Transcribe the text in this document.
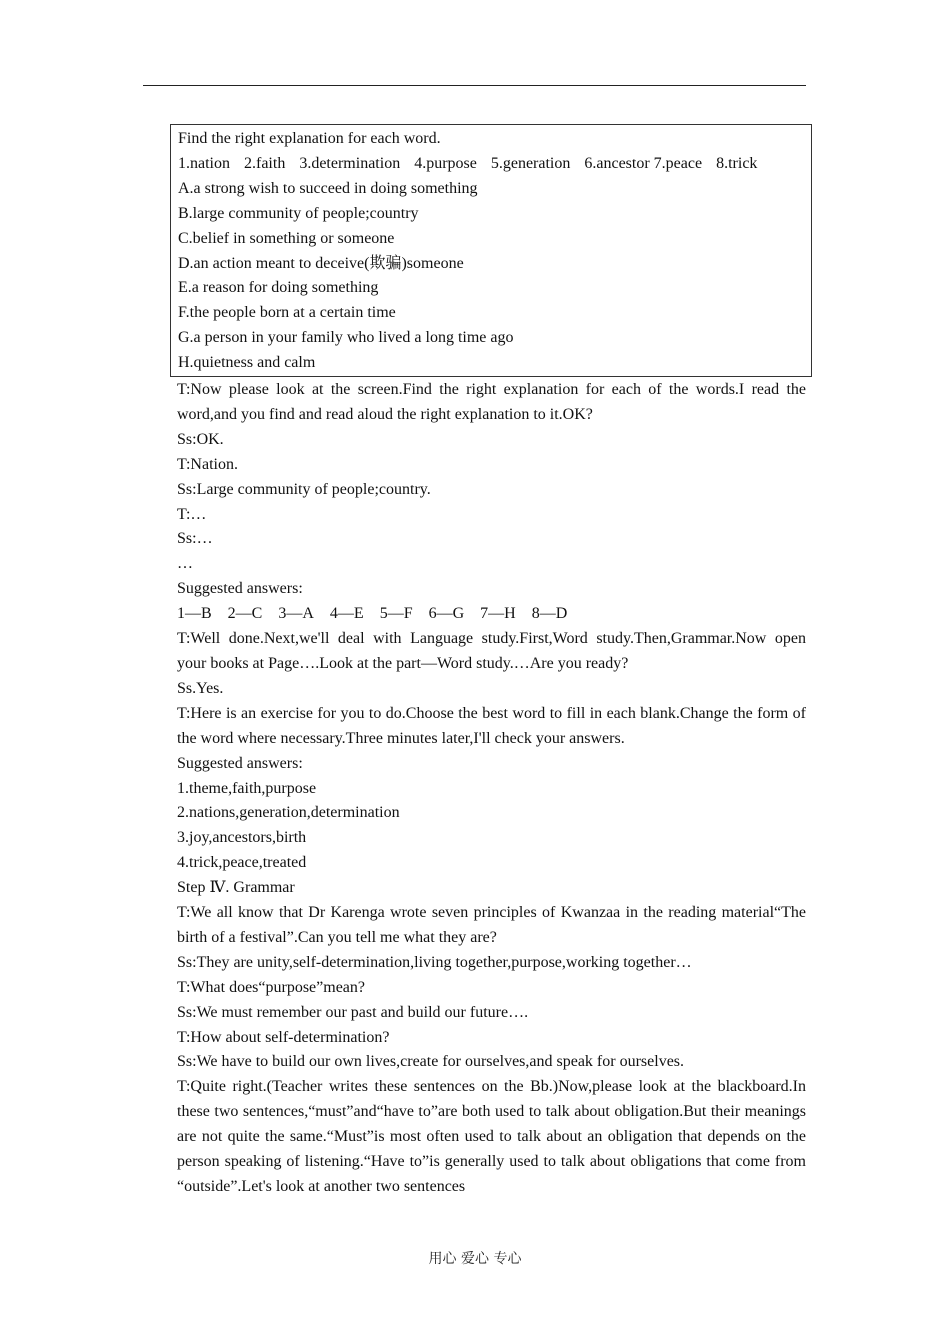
Find the right explanation for each word.
1.nation 2.faith 3.determination 4.purpose 5.generation 6.ancestor 7.peace 8.trick
A.a strong wish to succeed in doing something
B.large community of people;country
C.belief in something or someone
D.an action meant to deceive(欺骗)someone
E.a reason for doing something
F.the people born at a certain time
G.a person in your family who lived a long time ago
H.quietness and calm
T:Now please look at the screen.Find the right explanation for each of the words.I read the word,and you find and read aloud the right explanation to it.OK?
Ss:OK.
T:Nation.
Ss:Large community of people;country.
T:…
Ss:…
…
Suggested answers:
1—B 2—C 3—A 4—E 5—F 6—G 7—H 8—D
T:Well done.Next,we'll deal with Language study.First,Word study.Then,Grammar.Now open your books at Page….Look at the part—Word study.…Are you ready?
Ss.Yes.
T:Here is an exercise for you to do.Choose the best word to fill in each blank.Change the form of the word where necessary.Three minutes later,I'll check your answers.
Suggested answers:
1.theme,faith,purpose
2.nations,generation,determination
3.joy,ancestors,birth
4.trick,peace,treated
Step Ⅳ. Grammar
T:We all know that Dr Karenga wrote seven principles of Kwanzaa in the reading material“The birth of a festival”.Can you tell me what they are?
Ss:They are unity,self-determination,living together,purpose,working together…
T:What does“purpose”mean?
Ss:We must remember our past and build our future….
T:How about self-determination?
Ss:We have to build our own lives,create for ourselves,and speak for ourselves.
T:Quite right.(Teacher writes these sentences on the Bb.)Now,please look at the blackboard.In these two sentences,“must”and“have to”are both used to talk about obligation.But their meanings are not quite the same.“Must”is most often used to talk about an obligation that depends on the person speaking of listening.“Have to”is generally used to talk about obligations that come from “outside”.Let's look at another two sentences
用心 爱心 专心
